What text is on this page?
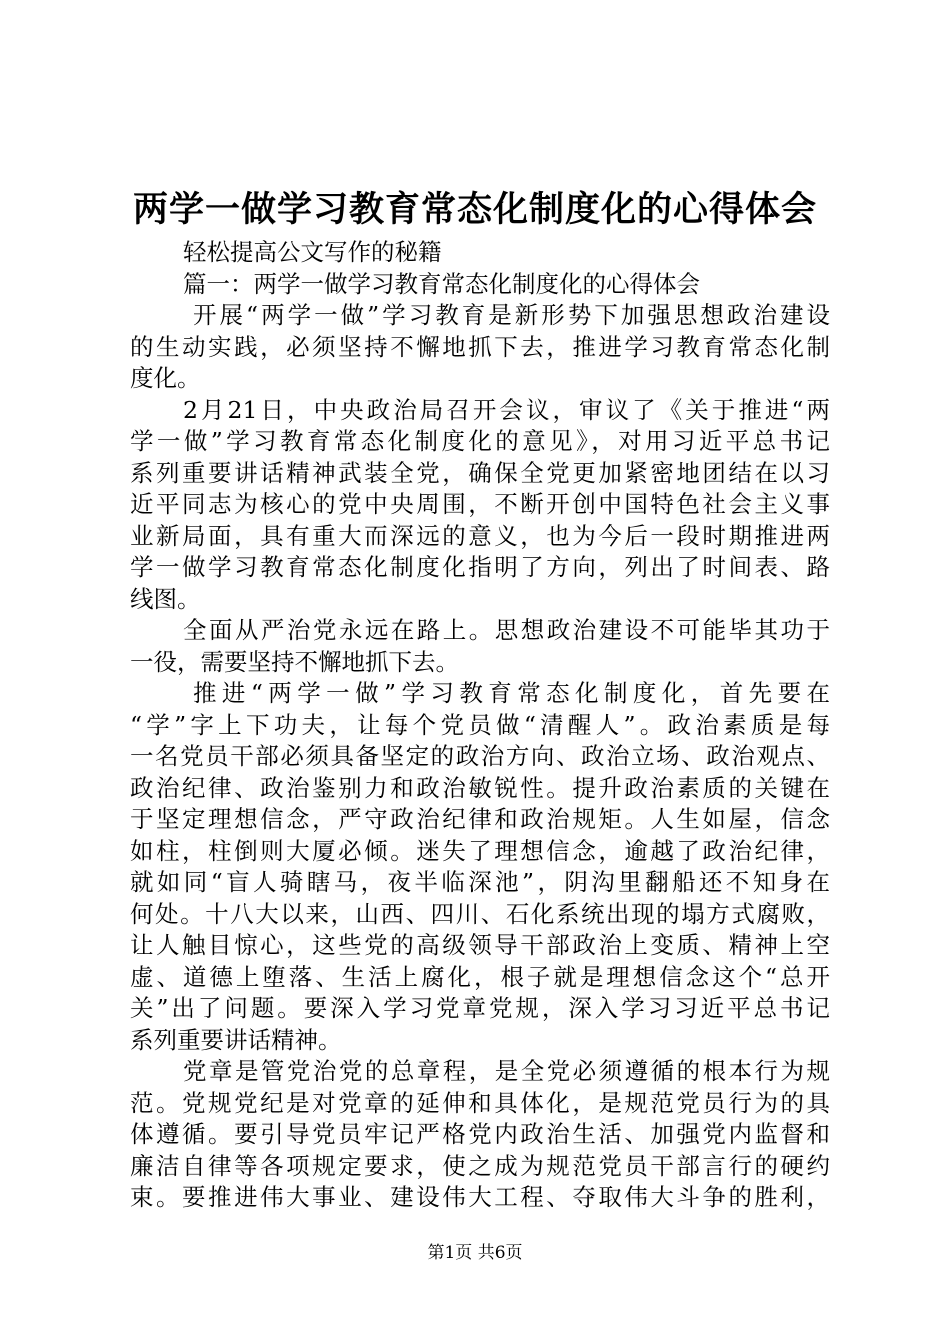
两学一做学习教育常态化制度化的心得体会
轻松提高公文写作的秘籍
篇一：两学一做学习教育常态化制度化的心得体会
开展“两学一做”学习教育是新形势下加强思想政治建设
的生动实践，必须坚持不懈地抓下去，推进学习教育常态化制
度化。
2月21日，中央政治局召开会议，审议了《关于推进“两
学一做”学习教育常态化制度化的意见》，对用习近平总书记
系列重要讲话精神武装全党，确保全党更加紧密地团结在以习
近平同志为核心的党中央周围，不断开创中国特色社会主义事
业新局面，具有重大而深远的意义，也为今后一段时期推进两
学一做学习教育常态化制度化指明了方向，列出了时间表、路
线图。
全面从严治党永远在路上。思想政治建设不可能毕其功于
一役，需要坚持不懈地抓下去。
推进“两学一做”学习教育常态化制度化，首先要在
“学”字上下功夫，让每个党员做“清醒人”。政治素质是每
一名党员干部必须具备坚定的政治方向、政治立场、政治观点、
政治纪律、政治鉴别力和政治敏锐性。提升政治素质的关键在
于坚定理想信念，严守政治纪律和政治规矩。人生如屋，信念
如柱，柱倒则大厦必倾。迷失了理想信念，逾越了政治纪律，
就如同“盲人骑瞎马，夜半临深池”，阴沟里翻船还不知身在
何处。十八大以来，山西、四川、石化系统出现的塌方式腐败，
让人触目惊心，这些党的高级领导干部政治上变质、精神上空
虚、道德上堕落、生活上腐化，根子就是理想信念这个“总开
关”出了问题。要深入学习党章党规，深入学习习近平总书记
系列重要讲话精神。
党章是管党治党的总章程，是全党必须遵循的根本行为规
范。党规党纪是对党章的延伸和具体化，是规范党员行为的具
体遵循。要引导党员牢记严格党内政治生活、加强党内监督和
廉洁自律等各项规定要求，使之成为规范党员干部言行的硬约
束。要推进伟大事业、建设伟大工程、夺取伟大斗争的胜利，
第1页 共6页
